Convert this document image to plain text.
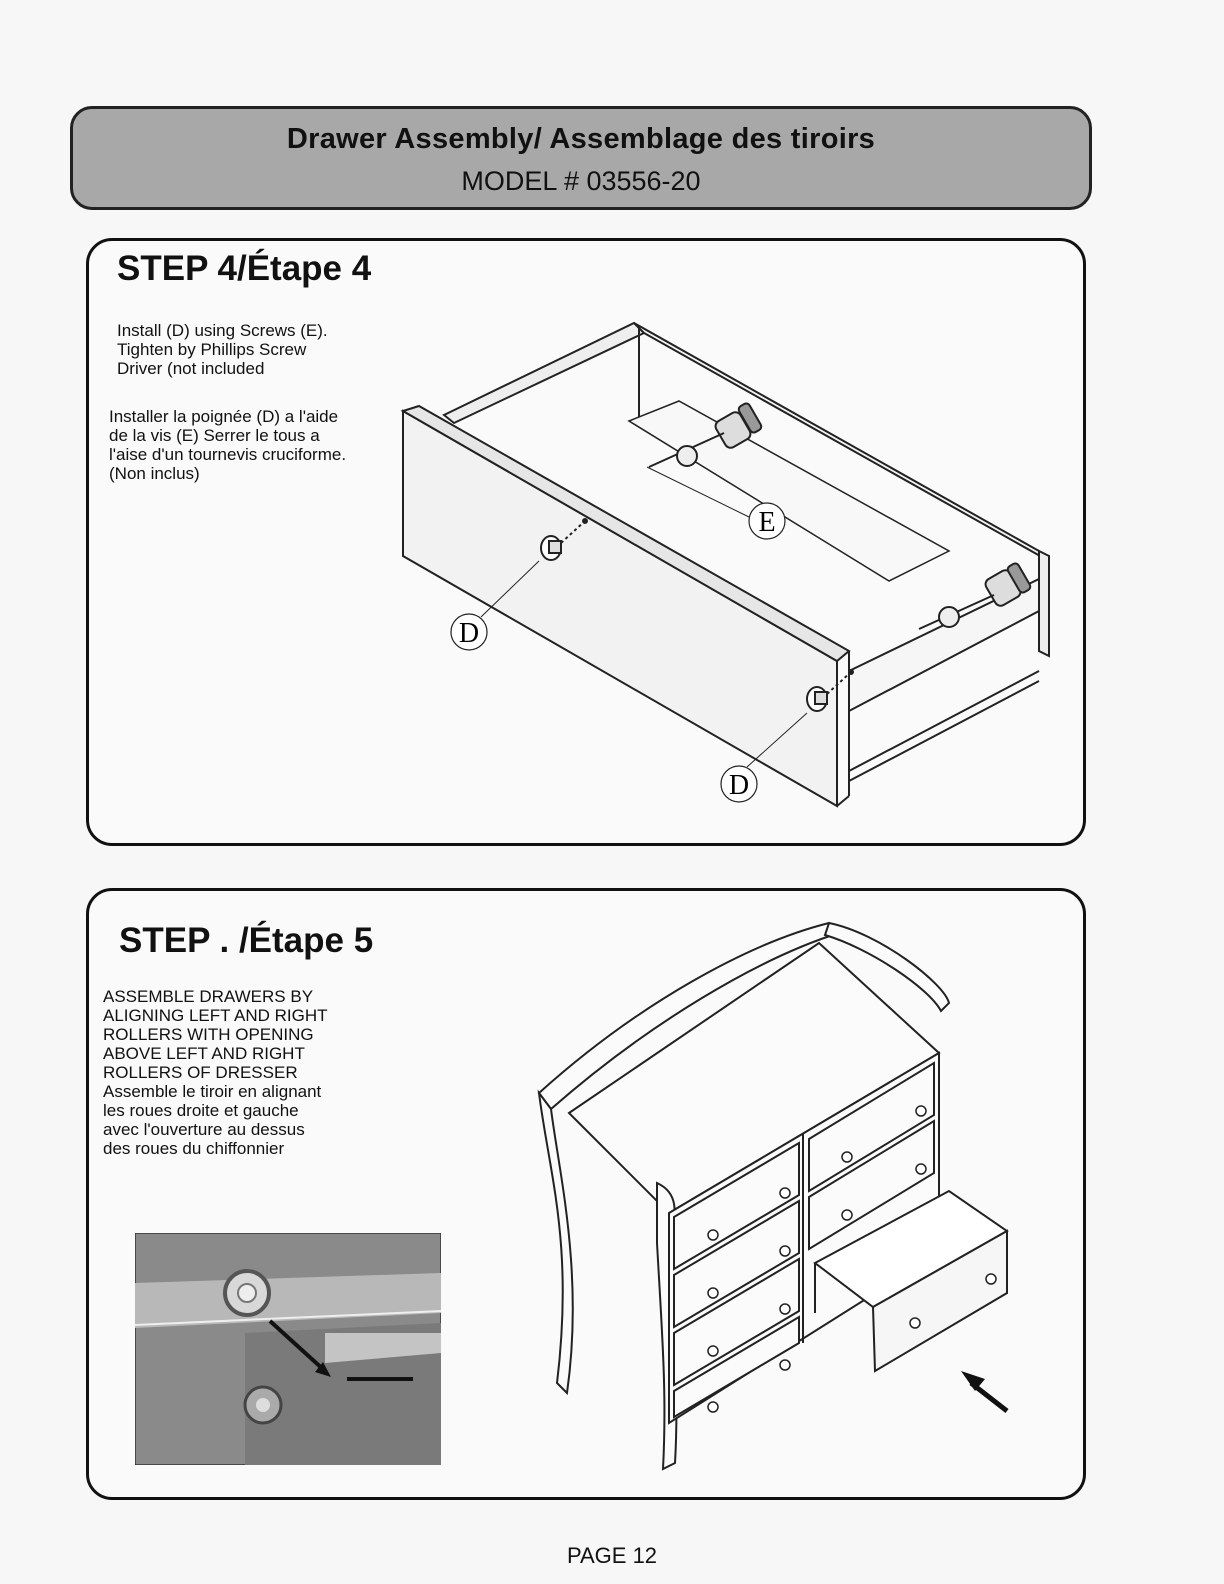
Drawer Assembly/ Assemblage des tiroirs
MODEL # 03556-20
STEP 4/Étape 4
Install (D) using Screws (E).
Tighten by Phillips Screw
Driver (not included
Installer la poignée (D) a l'aide
de la vis (E) Serrer le tous a
l'aise d'un tournevis cruciforme.
(Non inclus)
E
D
D
STEP . /Étape 5
ASSEMBLE DRAWERS BY
ALIGNING LEFT AND RIGHT
ROLLERS WITH OPENING
ABOVE LEFT AND RIGHT
ROLLERS OF DRESSER
Assemble le tiroir en alignant
les roues droite et gauche
avec l'ouverture au dessus
des roues du chiffonnier
PAGE 12
